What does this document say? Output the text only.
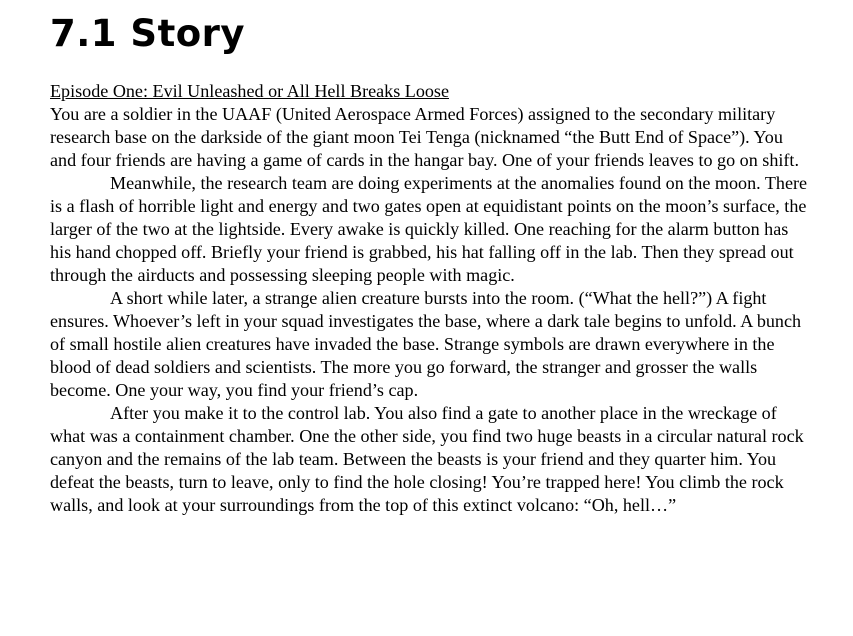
7.1 Story
Episode One: Evil Unleashed or All Hell Breaks Loose

You are a soldier in the UAAF (United Aerospace Armed Forces) assigned to the secondary military research base on the darkside of the giant moon Tei Tenga (nicknamed “the Butt End of Space”). You and four friends are having a game of cards in the hangar bay. One of your friends leaves to go on shift.

Meanwhile, the research team are doing experiments at the anomalies found on the moon. There is a flash of horrible light and energy and two gates open at equidistant points on the moon’s surface, the larger of the two at the lightside. Every awake is quickly killed. One reaching for the alarm button has his hand chopped off. Briefly your friend is grabbed, his hat falling off in the lab. Then they spread out through the airducts and possessing sleeping people with magic.

A short while later, a strange alien creature bursts into the room. (“What the hell?”) A fight ensures. Whoever’s left in your squad investigates the base, where a dark tale begins to unfold. A bunch of small hostile alien creatures have invaded the base. Strange symbols are drawn everywhere in the blood of dead soldiers and scientists. The more you go forward, the stranger and grosser the walls become. One your way, you find your friend’s cap.

After you make it to the control lab. You also find a gate to another place in the wreckage of what was a containment chamber. One the other side, you find two huge beasts in a circular natural rock canyon and the remains of the lab team. Between the beasts is your friend and they quarter him. You defeat the beasts, turn to leave, only to find the hole closing! You’re trapped here! You climb the rock walls, and look at your surroundings from the top of this extinct volcano: “Oh, hell…”
